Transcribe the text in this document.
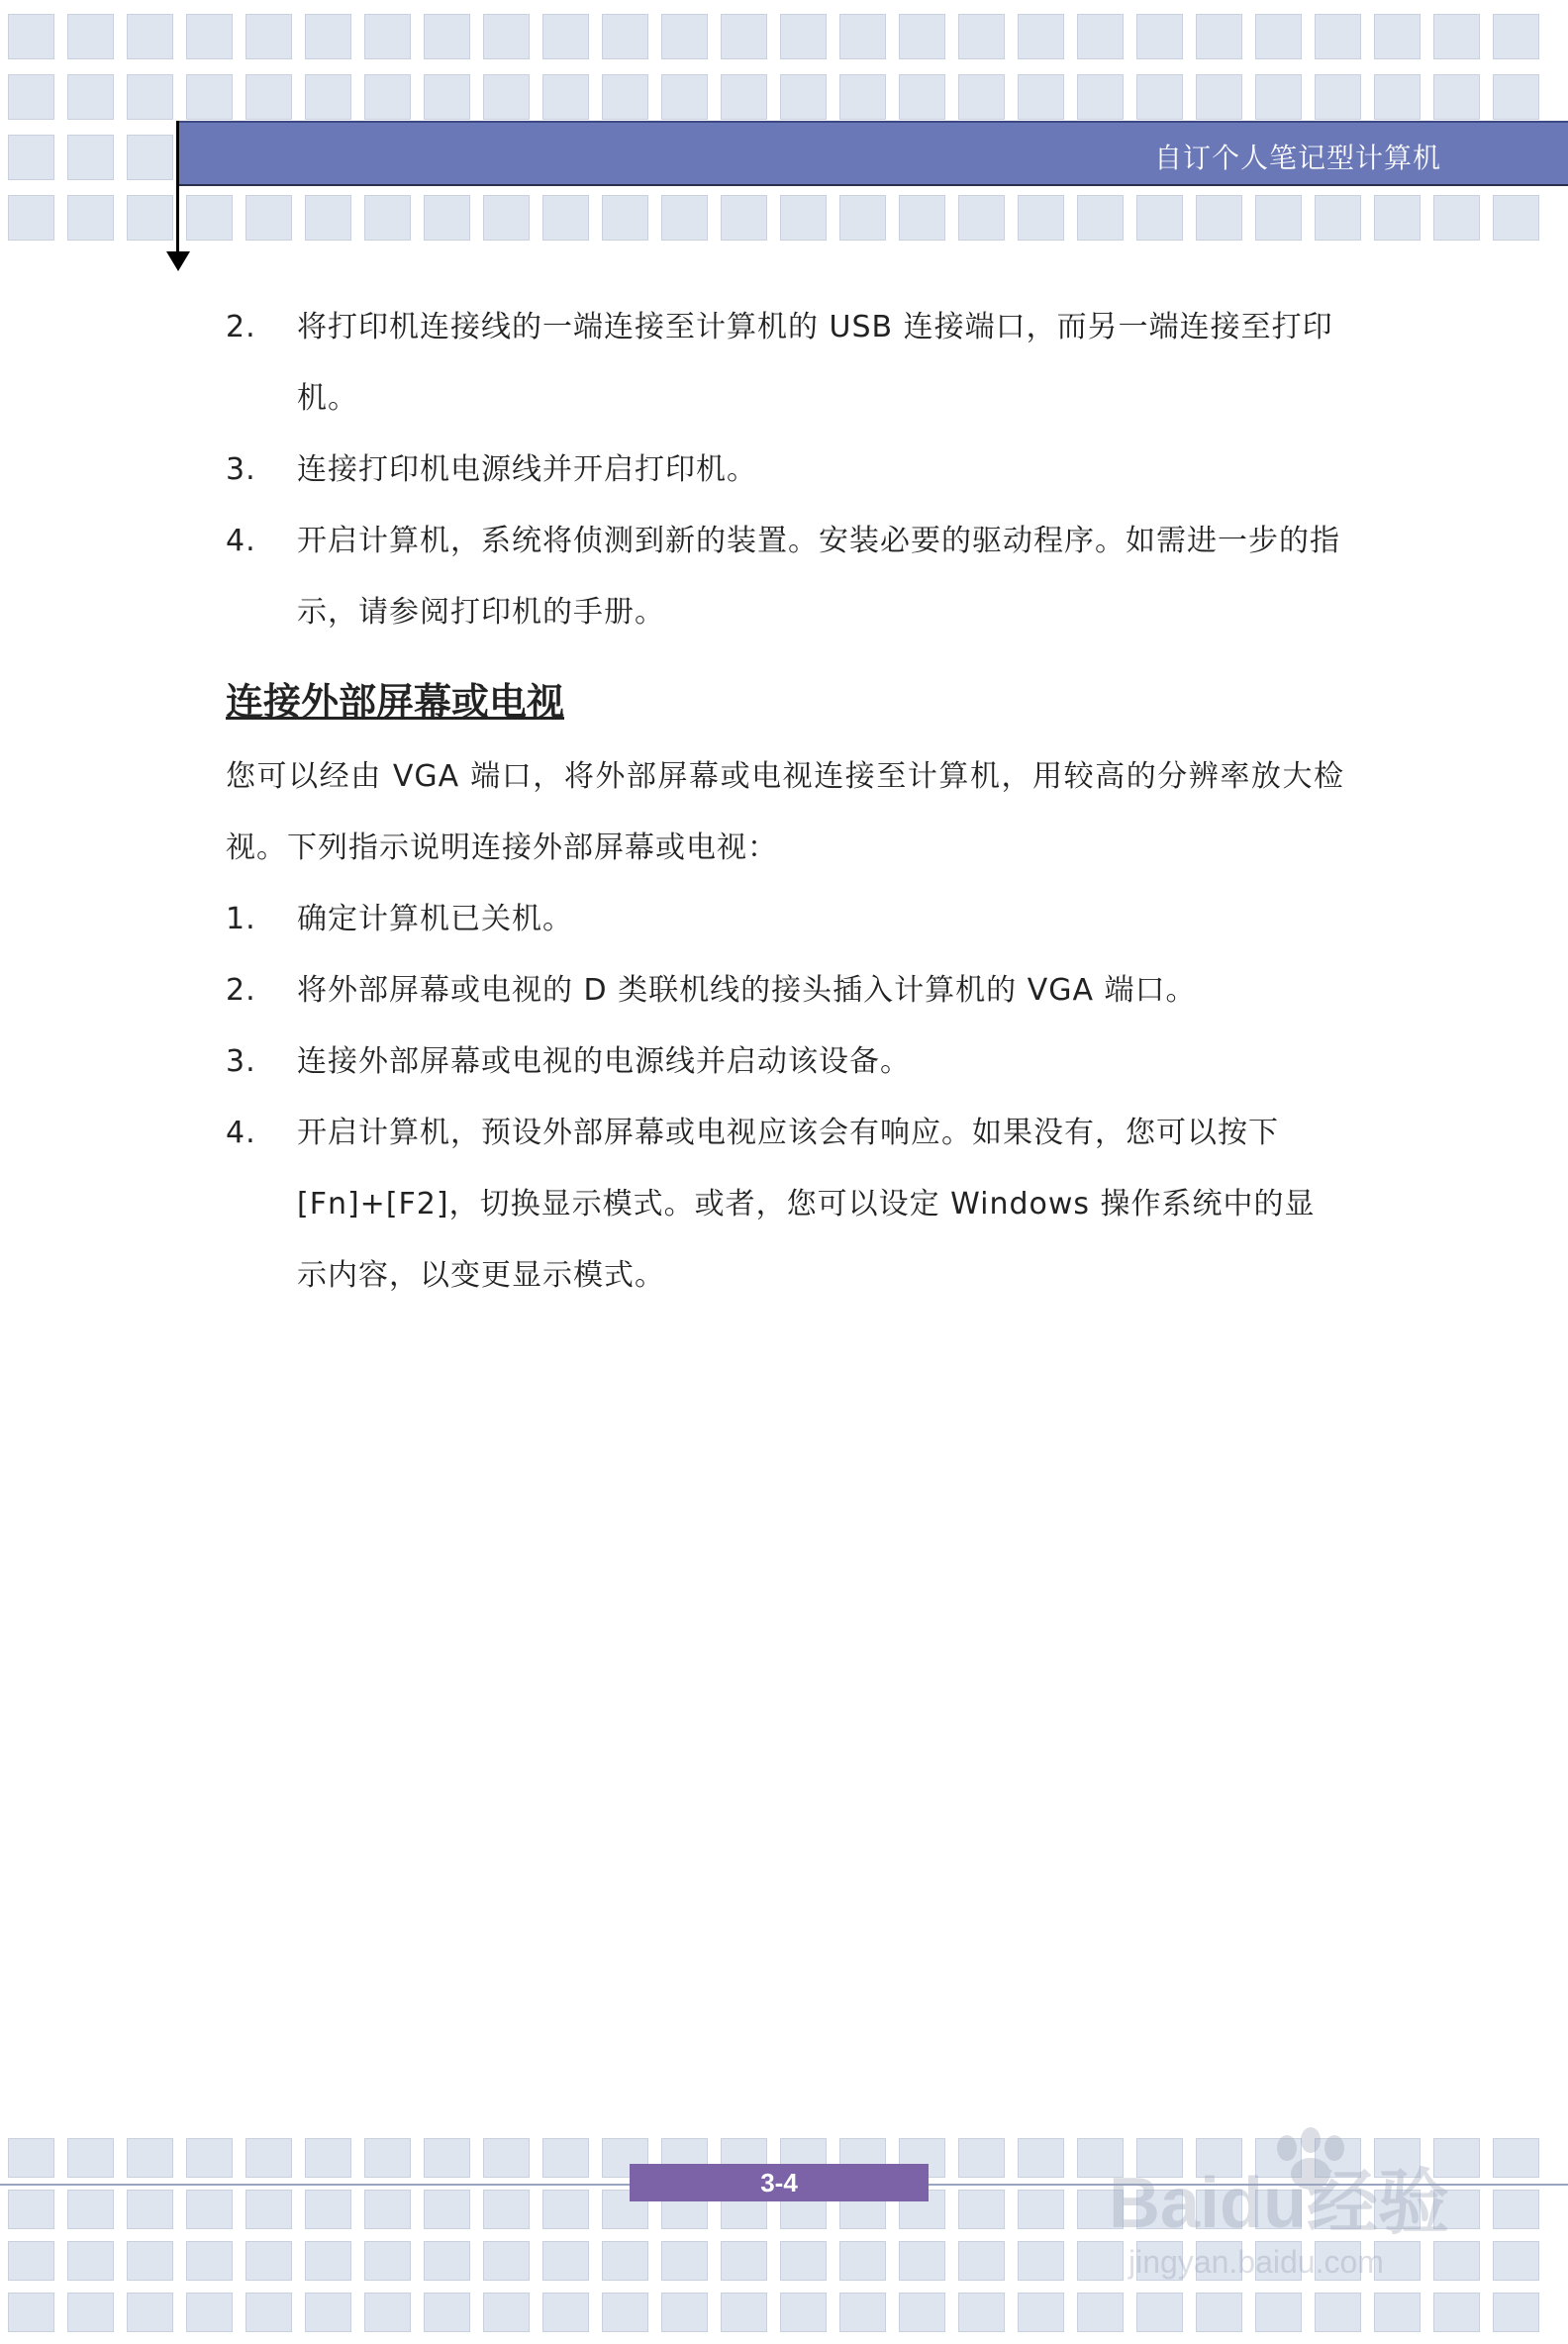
自订个人笔记型计算机
2. 将打印机连接线的一端连接至计算机的 USB 连接端口，而另一端连接至打印机。
3. 连接打印机电源线并开启打印机。
4. 开启计算机，系统将侦测到新的装置。安装必要的驱动程序。如需进一步的指示，请参阅打印机的手册。
连接外部屏幕或电视
您可以经由 VGA 端口，将外部屏幕或电视连接至计算机，用较高的分辨率放大检视。下列指示说明连接外部屏幕或电视：
1. 确定计算机已关机。
2. 将外部屏幕或电视的 D 类联机线的接头插入计算机的 VGA 端口。
3. 连接外部屏幕或电视的电源线并启动该设备。
4. 开启计算机，预设外部屏幕或电视应该会有响应。如果没有，您可以按下 [Fn]+[F2]，切换显示模式。或者，您可以设定 Windows 操作系统中的显示内容，以变更显示模式。
3-4	Baidu经验
jingyan.baidu.com
